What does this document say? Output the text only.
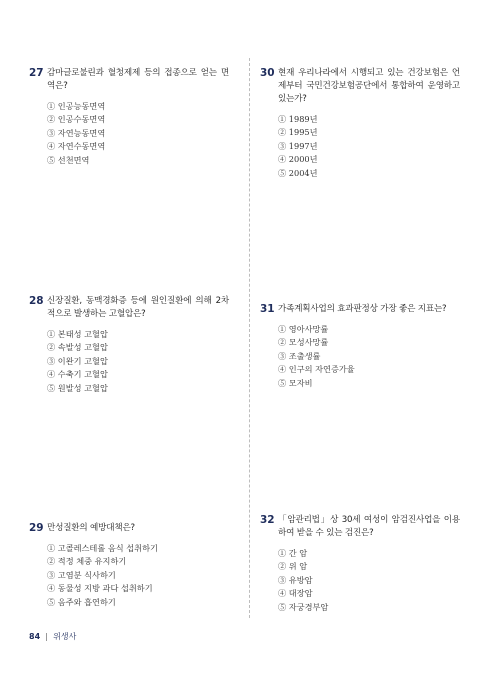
27 감마글로불린과 혈청제제 등의 접종으로 얻는 면역은?
① 인공능동면역
② 인공수동면역
③ 자연능동면역
④ 자연수동면역
⑤ 선천면역
28 신장질환, 동맥경화증 등에 원인질환에 의해 2차적으로 발생하는 고혈압은?
① 본태성 고혈압
② 속발성 고혈압
③ 이완기 고혈압
④ 수축기 고혈압
⑤ 원발성 고혈압
29 만성질환의 예방대책은?
① 고콜레스테롤 음식 섭취하기
② 적정 체중 유지하기
③ 고염분 식사하기
④ 동물성 지방 과다 섭취하기
⑤ 음주와 흡연하기
30 현재 우리나라에서 시행되고 있는 건강보험은 언제부터 국민건강보험공단에서 통합하여 운영하고 있는가?
① 1989년
② 1995년
③ 1997년
④ 2000년
⑤ 2004년
31 가족계획사업의 효과판정상 가장 좋은 지표는?
① 영아사망률
② 모성사망률
③ 조출생률
④ 인구의 자연증가율
⑤ 모자비
32 「암관리법」상 30세 여성이 암검진사업을 이용하여 받을 수 있는 검진은?
① 간 암
② 위 암
③ 유방암
④ 대장암
⑤ 자궁경부암
84 위생사
